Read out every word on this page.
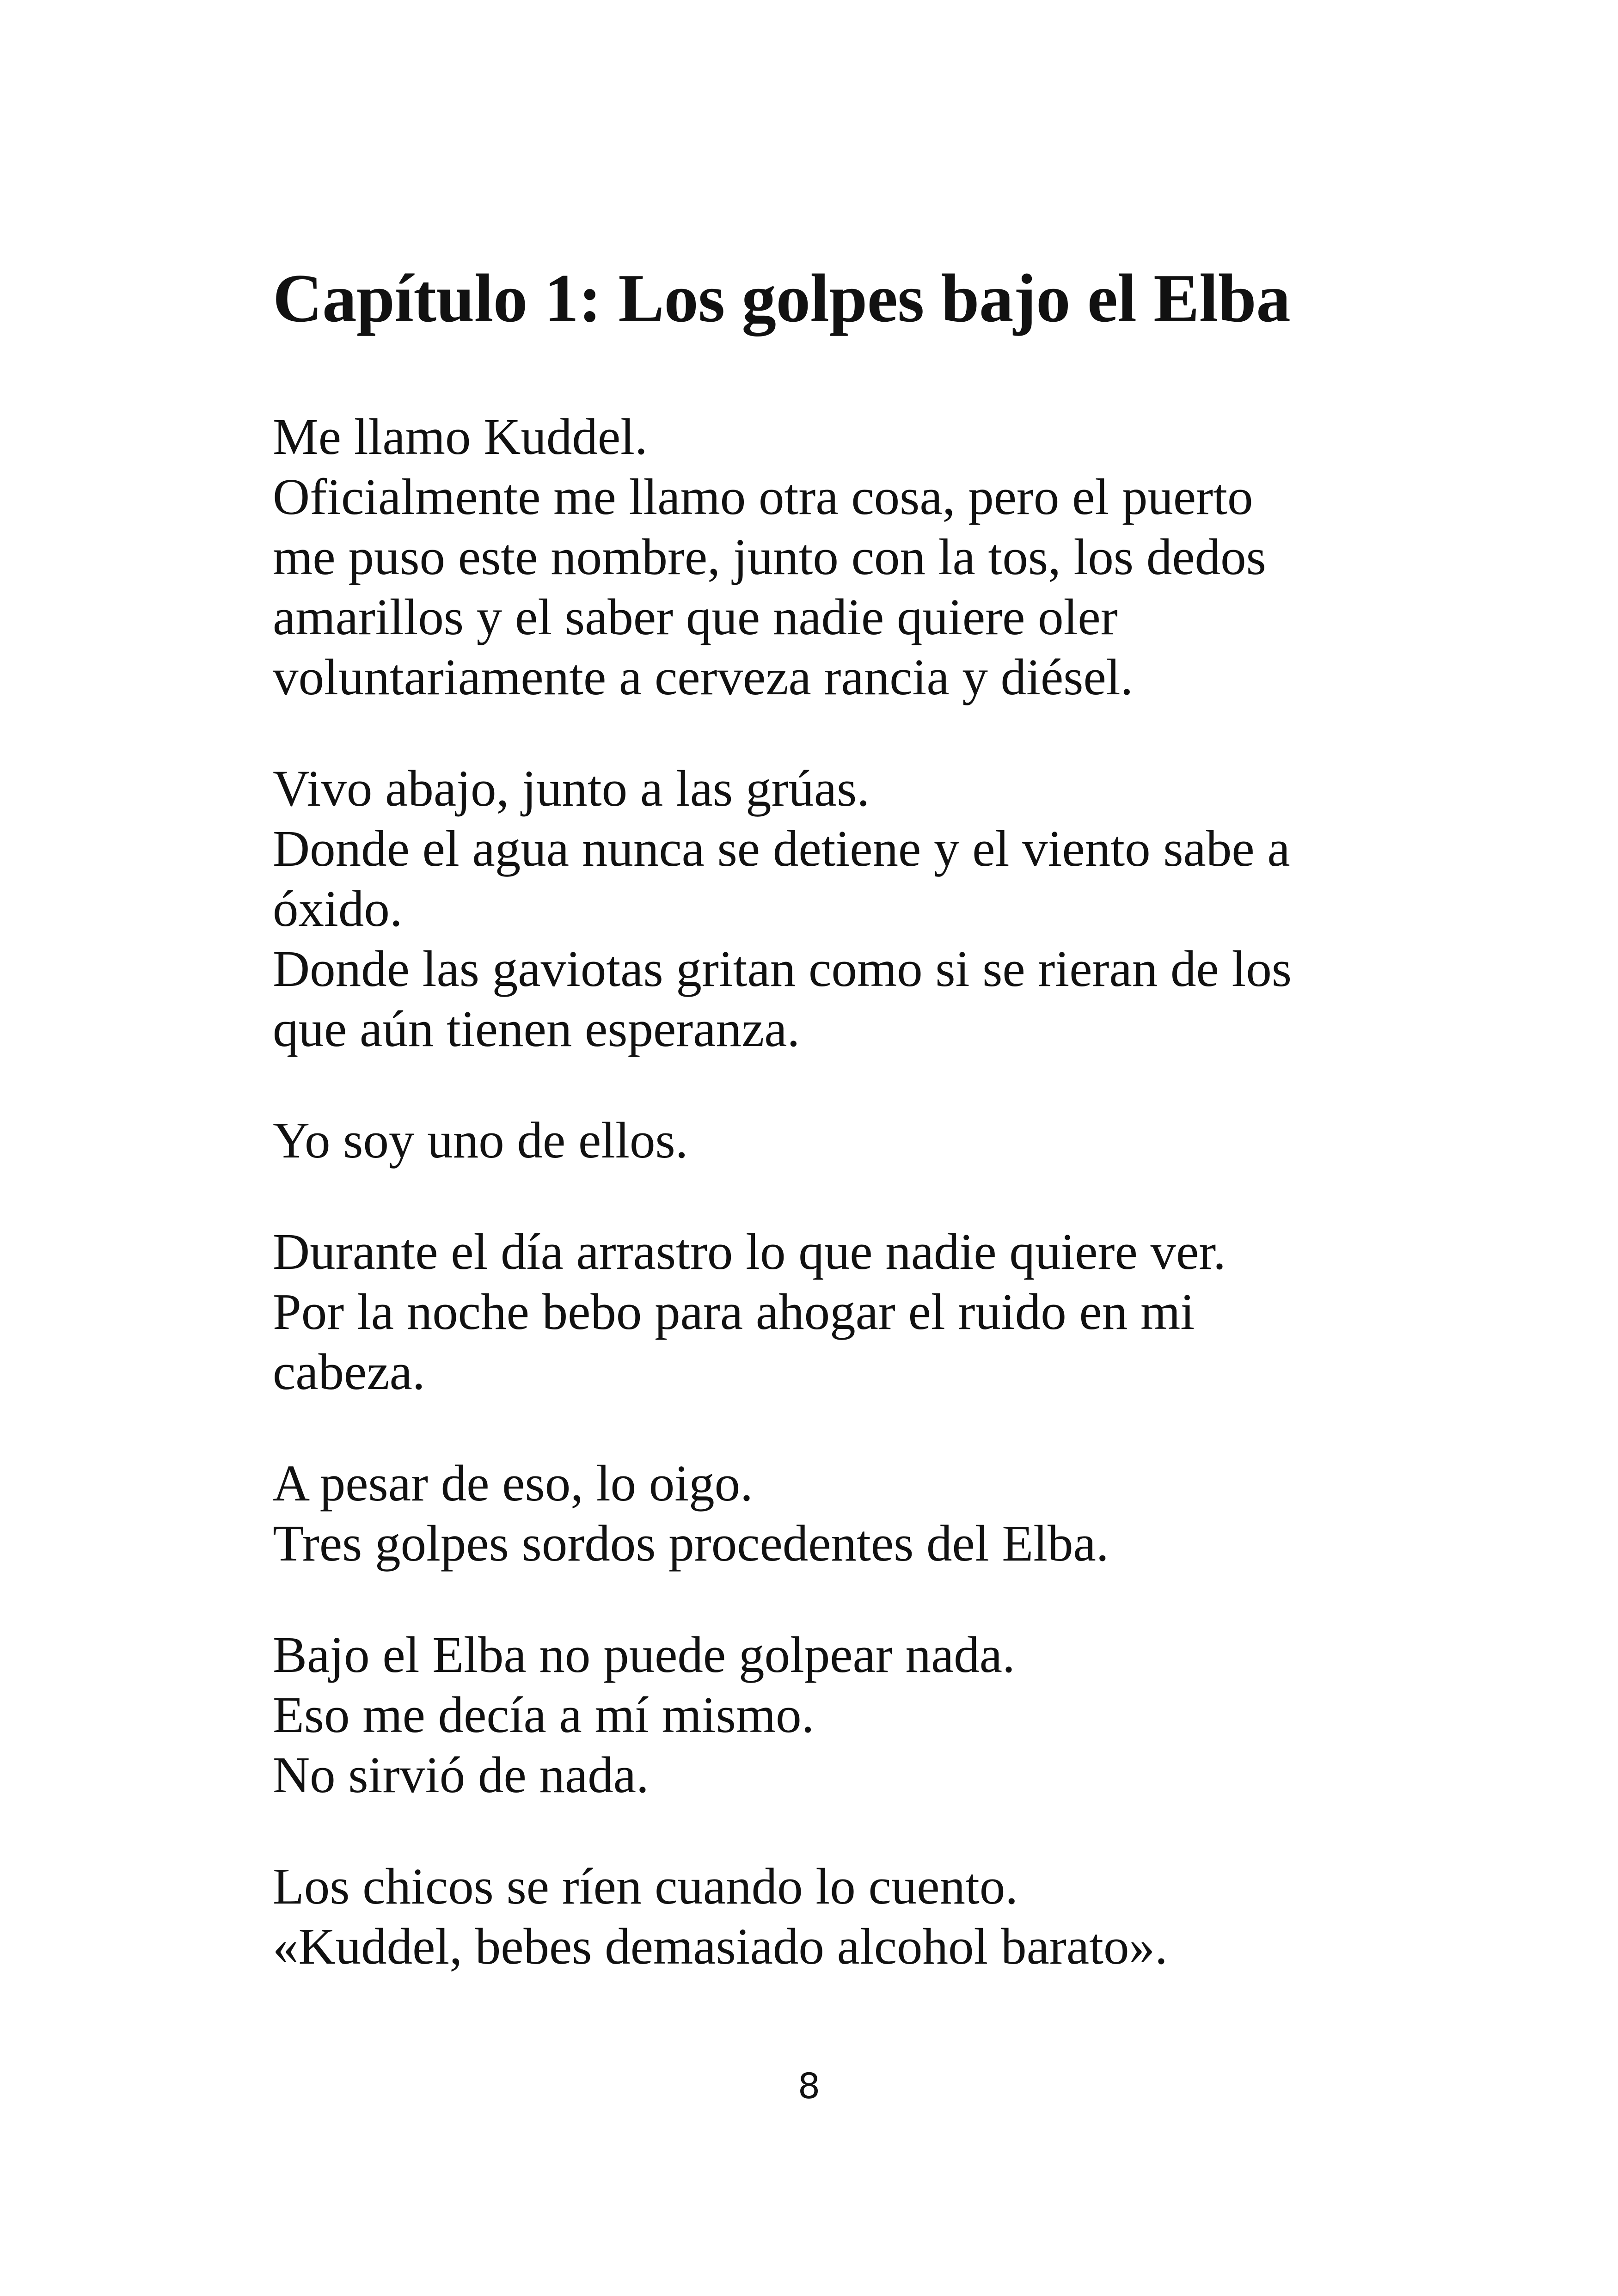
Capítulo 1: Los golpes bajo el Elba
Me llamo Kuddel.
Oficialmente me llamo otra cosa, pero el puerto
me puso este nombre, junto con la tos, los dedos
amarillos y el saber que nadie quiere oler
voluntariamente a cerveza rancia y diésel.
Vivo abajo, junto a las grúas.
Donde el agua nunca se detiene y el viento sabe a
óxido.
Donde las gaviotas gritan como si se rieran de los
que aún tienen esperanza.
Yo soy uno de ellos.
Durante el día arrastro lo que nadie quiere ver.
Por la noche bebo para ahogar el ruido en mi
cabeza.
A pesar de eso, lo oigo.
Tres golpes sordos procedentes del Elba.
Bajo el Elba no puede golpear nada.
Eso me decía a mí mismo.
No sirvió de nada.
Los chicos se ríen cuando lo cuento.
«Kuddel, bebes demasiado alcohol barato».
8
